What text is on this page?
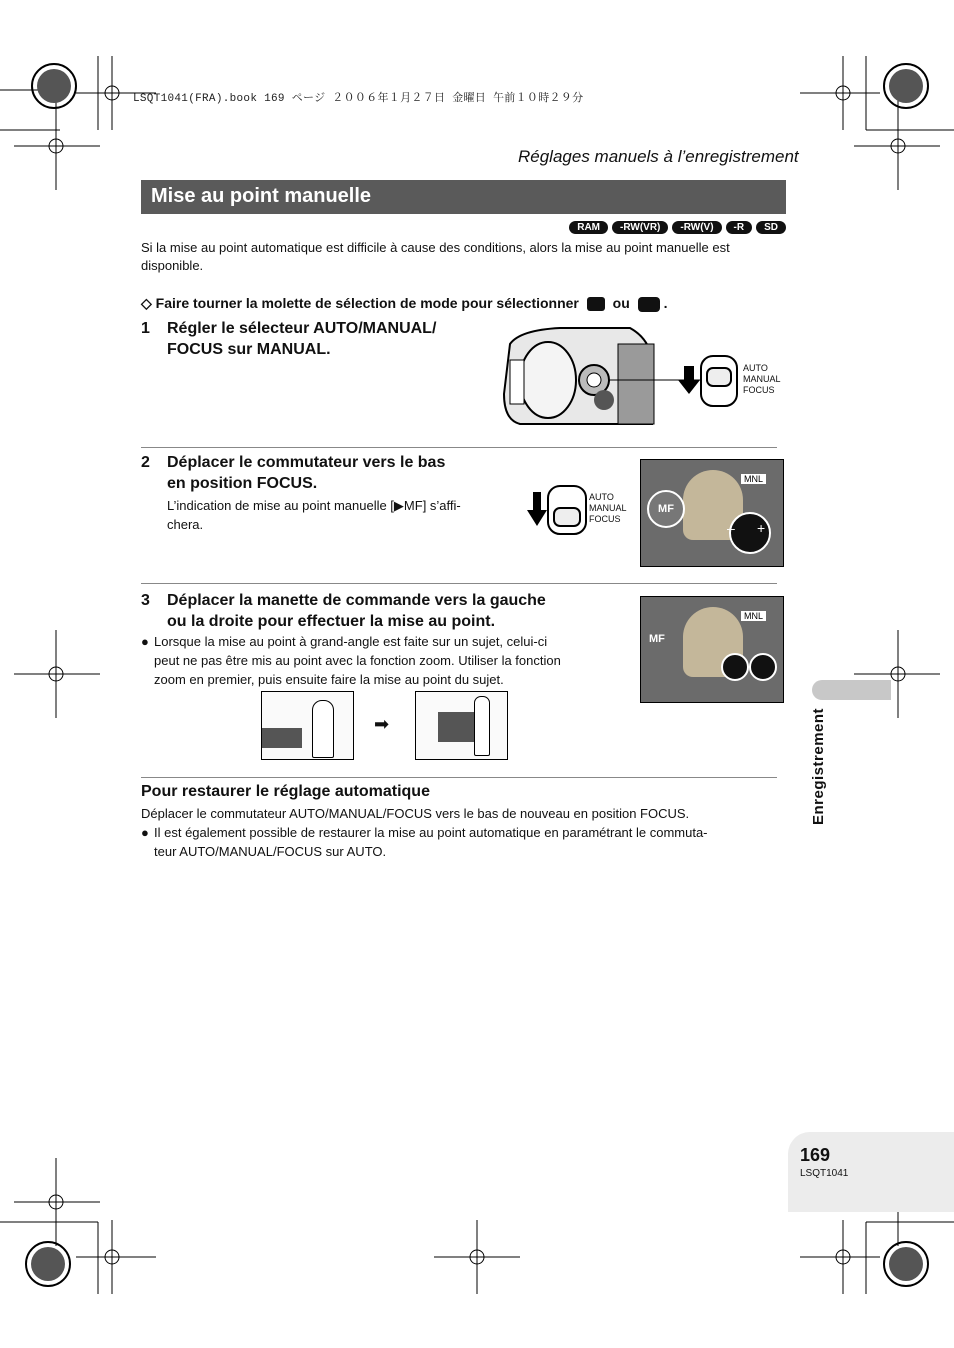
LSQT1041(FRA).book 169 ページ ２００６年１月２７日 金曜日 午前１０時２９分
Réglages manuels à l’enregistrement
Mise au point manuelle
RAM	-RW(VR)	-RW(V)	-R	SD
Si la mise au point automatique est difficile à cause des conditions, alors la mise au point manuelle est disponible.
◇ Faire tourner la molette de sélection de mode pour sélectionner ou .
1 Régler le sélecteur AUTO/MANUAL/
FOCUS sur MANUAL.
AUTO
MANUAL
FOCUS
2 Déplacer le commutateur vers le bas
en position FOCUS.
L’indication de mise au point manuelle [▶MF] s’affi-
chera.
AUTO
MANUAL
FOCUS
MNL
MF
– +
3 Déplacer la manette de commande vers la gauche
ou la droite pour effectuer la mise au point.
● Lorsque la mise au point à grand-angle est faite sur un sujet, celui-ci
peut ne pas être mis au point avec la fonction zoom. Utiliser la fonction
zoom en premier, puis ensuite faire la mise au point du sujet.
MNL
MF
➡
Pour restaurer le réglage automatique
Déplacer le commutateur AUTO/MANUAL/FOCUS vers le bas de nouveau en position FOCUS.
● Il est également possible de restaurer la mise au point automatique en paramétrant le commuta-
teur AUTO/MANUAL/FOCUS sur AUTO.
Enregistrement
169
LSQT1041
